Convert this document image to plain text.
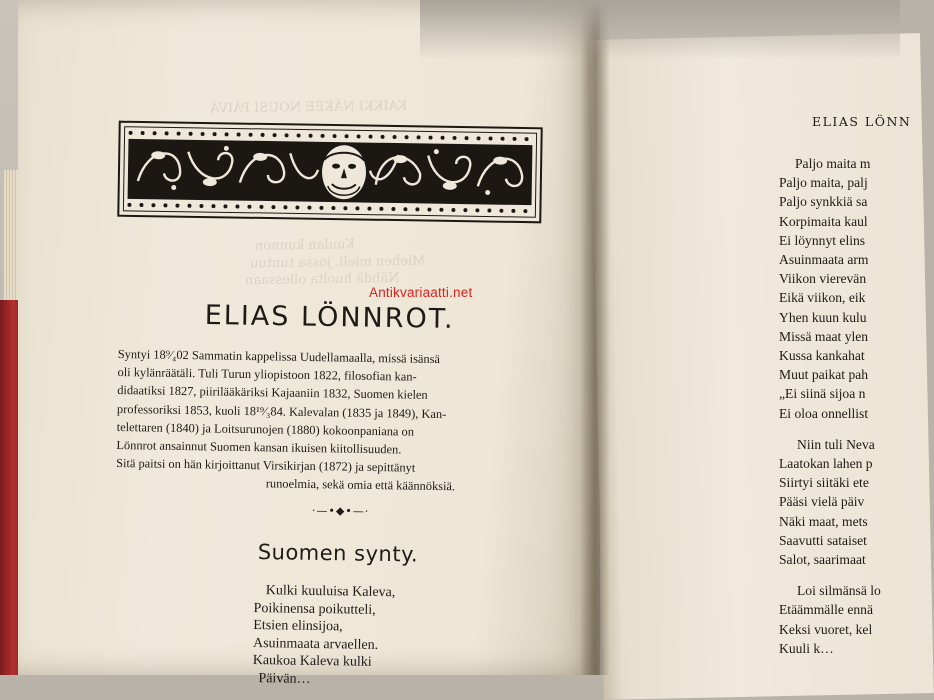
KAIKKI NÄKEE NOUSI PÄIVÄ
Kuulan kunnon
Miehen mieli, jossa tuntuu
Nähdä huolta ollessaan
ELIAS LÖNNROT.
Syntyi 18⁹⁄₄02 Sammatin kappelissa Uudellamaalla, missä isänsä
oli kylänräätäli. Tuli Turun yliopistoon 1822, filosofian kan-
didaatiksi 1827, piirilääkäriksi Kajaaniin 1832, Suomen kielen
professoriksi 1853, kuoli 18¹⁹⁄₃84. Kalevalan (1835 ja 1849), Kan-
telettaren (1840) ja Loitsurunojen (1880) kokoonpaniana on
Lönnrot ansainnut Suomen kansan ikuisen kiitollisuuden.
Sitä paitsi on hän kirjoittanut Virsikirjan (1872) ja sepittänyt
runoelmia, sekä omia että käännöksiä.
·—•◆•—·
Suomen synty.
Kulki kuuluisa Kaleva,
Poikinensa poikutteli,
Etsien elinsijoa,
Asuinmaata arvaellen.
Kaukoa Kaleva kulki
Päivän…
ELIAS LÖNN
Paljo maita m
Paljo maita, palj
Paljo synkkiä sa
Korpimaita kaul
Ei löynnyt elins
Asuinmaata arm
Viikon vierevän
Eikä viikon, eik
Yhen kuun kulu
Missä maat ylen
Kussa kankahat
Muut paikat pah
„Ei siinä sijoa n
Ei oloa onnellist
Niin tuli Neva
Laatokan lahen p
Siirtyi siitäki ete
Pääsi vielä päiv
Näki maat, mets
Saavutti sataiset
Salot, saarimaat
Loi silmänsä lo
Etäämmälle ennä
Keksi vuoret, kel
Kuuli k…
Antikvariaatti.net
